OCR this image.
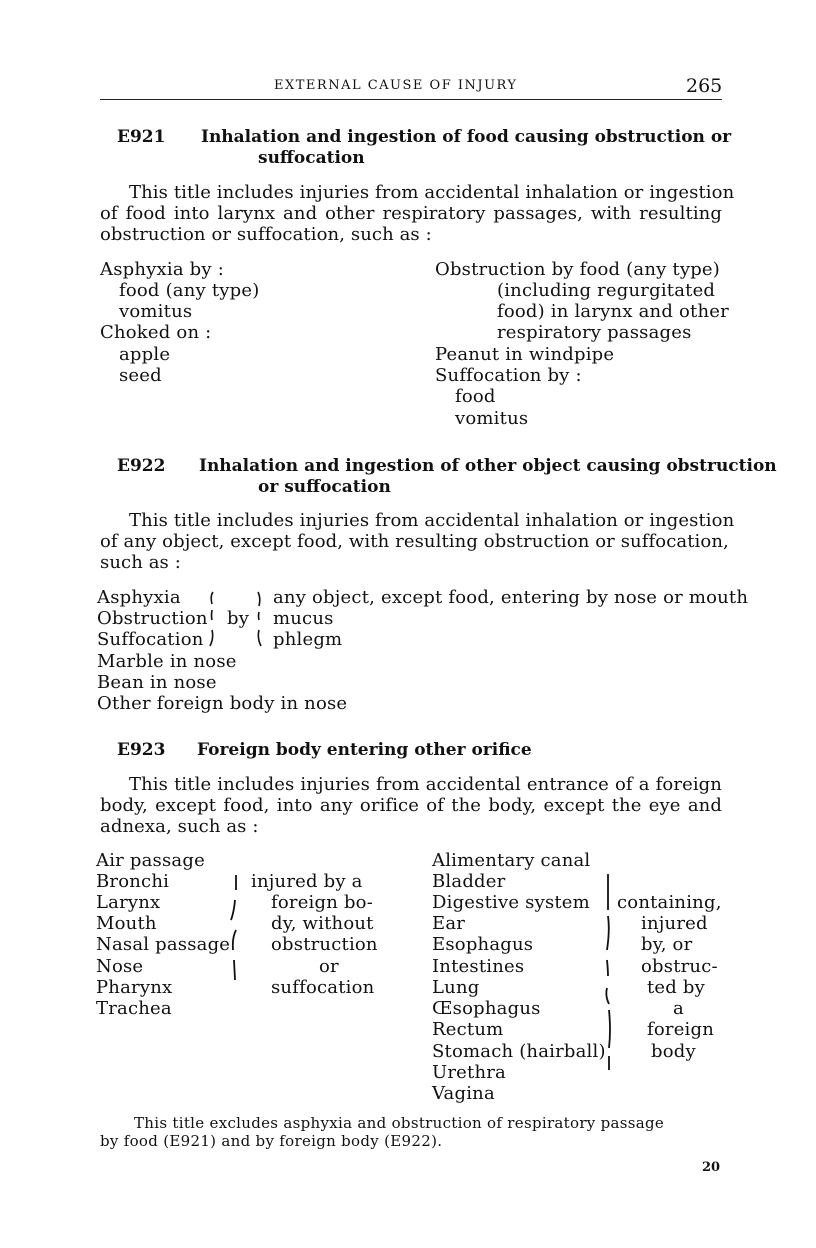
EXTERNAL CAUSE OF INJURY	265
E921 Inhalation and ingestion of food causing obstruction or
suffocation
This title includes injuries from accidental inhalation or ingestion
of food into larynx and other respiratory passages, with resulting
obstruction or suffocation, such as :
Asphyxia by :
food (any type)
vomitus
Choked on :
apple
seed
Obstruction by food (any type)
(including regurgitated
food) in larynx and other
respiratory passages
Peanut in windpipe
Suffocation by :
food
vomitus
E922 Inhalation and ingestion of other object causing obstruction
or suffocation
This title includes injuries from accidental inhalation or ingestion
of any object, except food, with resulting obstruction or suffocation,
such as :
Asphyxia
Obstruction
Suffocation
by
any object, except food, entering by nose or mouth
mucus
phlegm
Marble in nose
Bean in nose
Other foreign body in nose
E923 Foreign body entering other orifice
This title includes injuries from accidental entrance of a foreign
body, except food, into any orifice of the body, except the eye and
adnexa, such as :
Air passage
Bronchi
Larynx
Mouth
Nasal passage
Nose
Pharynx
Trachea
injured by a
foreign bo-
dy, without
obstruction
or
suffocation
Alimentary canal
Bladder
Digestive system
Ear
Esophagus
Intestines
Lung
Œsophagus
Rectum
Stomach (hairball)
Urethra
Vagina
containing,
injured
by, or
obstruc-
ted by
a
foreign
body
This title excludes asphyxia and obstruction of respiratory passage
by food (E921) and by foreign body (E922).
20
